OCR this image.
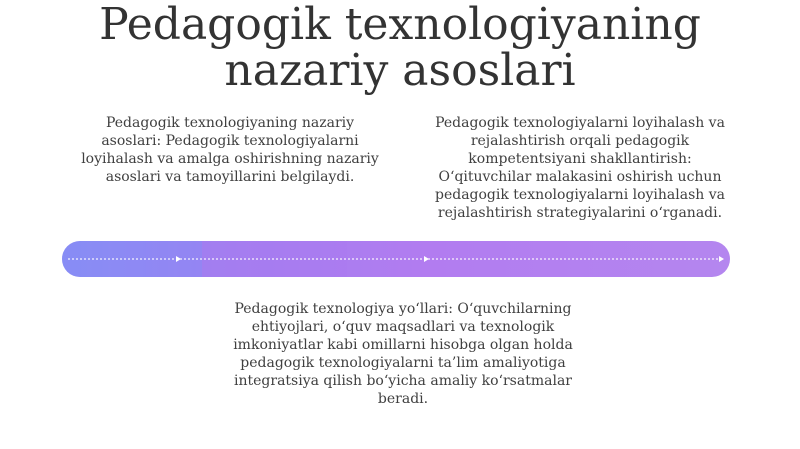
Pedagogik texnologiyaning nazariy asoslari
Pedagogik texnologiyaning nazariy asoslari: Pedagogik texnologiyalarni loyihalash va amalga oshirishning nazariy asoslari va tamoyillarini belgilaydi.
Pedagogik texnologiyalarni loyihalash va rejalashtirish orqali pedagogik kompetentsiyani shakllantirish: O‘qituvchilar malakasini oshirish uchun pedagogik texnologiyalarni loyihalash va rejalashtirish strategiyalarini o‘rganadi.
Pedagogik texnologiya yo‘llari: O‘quvchilarning ehtiyojlari, o‘quv maqsadlari va texnologik imkoniyatlar kabi omillarni hisobga olgan holda pedagogik texnologiyalarni ta’lim amaliyotiga integratsiya qilish bo‘yicha amaliy ko‘rsatmalar beradi.
